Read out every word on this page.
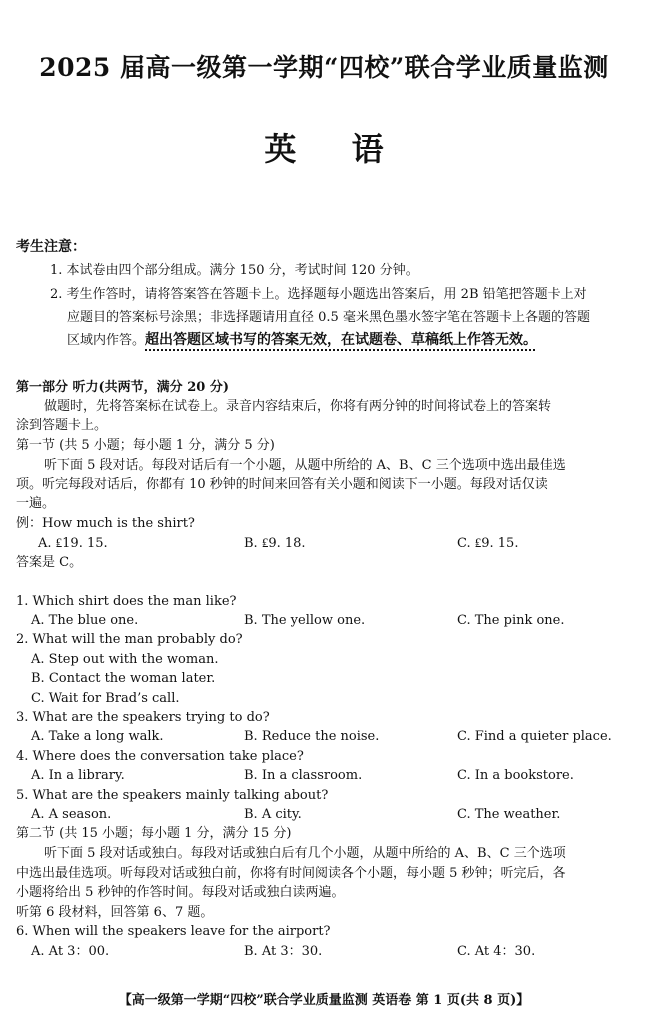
2025 届高一级第一学期“四校”联合学业质量监测
英 语
考生注意：
1. 本试卷由四个部分组成。满分 150 分，考试时间 120 分钟。
2. 考生作答时，请将答案答在答题卡上。选择题每小题选出答案后，用 2B 铅笔把答题卡上对
应题目的答案标号涂黑；非选择题请用直径 0.5 毫米黑色墨水签字笔在答题卡上各题的答题
区域内作答。超出答题区域书写的答案无效，在试题卷、草稿纸上作答无效。
第一部分 听力(共两节，满分 20 分)
做题时，先将答案标在试卷上。录音内容结束后，你将有两分钟的时间将试卷上的答案转
涂到答题卡上。
第一节 (共 5 小题；每小题 1 分，满分 5 分)
听下面 5 段对话。每段对话后有一个小题，从题中所给的 A、B、C 三个选项中选出最佳选
项。听完每段对话后，你都有 10 秒钟的时间来回答有关小题和阅读下一小题。每段对话仅读
一遍。
例：How much is the shirt?
A. ₤19. 15.	B. ₤9. 18.	C. ₤9. 15.
答案是 C。
1. Which shirt does the man like?
A. The blue one.	B. The yellow one.	C. The pink one.
2. What will the man probably do?
A. Step out with the woman.
B. Contact the woman later.
C. Wait for Brad’s call.
3. What are the speakers trying to do?
A. Take a long walk.	B. Reduce the noise.	C. Find a quieter place.
4. Where does the conversation take place?
A. In a library.	B. In a classroom.	C. In a bookstore.
5. What are the speakers mainly talking about?
A. A season.	B. A city.	C. The weather.
第二节 (共 15 小题；每小题 1 分，满分 15 分)
听下面 5 段对话或独白。每段对话或独白后有几个小题，从题中所给的 A、B、C 三个选项
中选出最佳选项。听每段对话或独白前，你将有时间阅读各个小题，每小题 5 秒钟；听完后，各
小题将给出 5 秒钟的作答时间。每段对话或独白读两遍。
听第 6 段材料，回答第 6、7 题。
6. When will the speakers leave for the airport?
A. At 3：00.	B. At 3：30.	C. At 4：30.
【高一级第一学期“四校”联合学业质量监测 英语卷 第 1 页(共 8 页)】
